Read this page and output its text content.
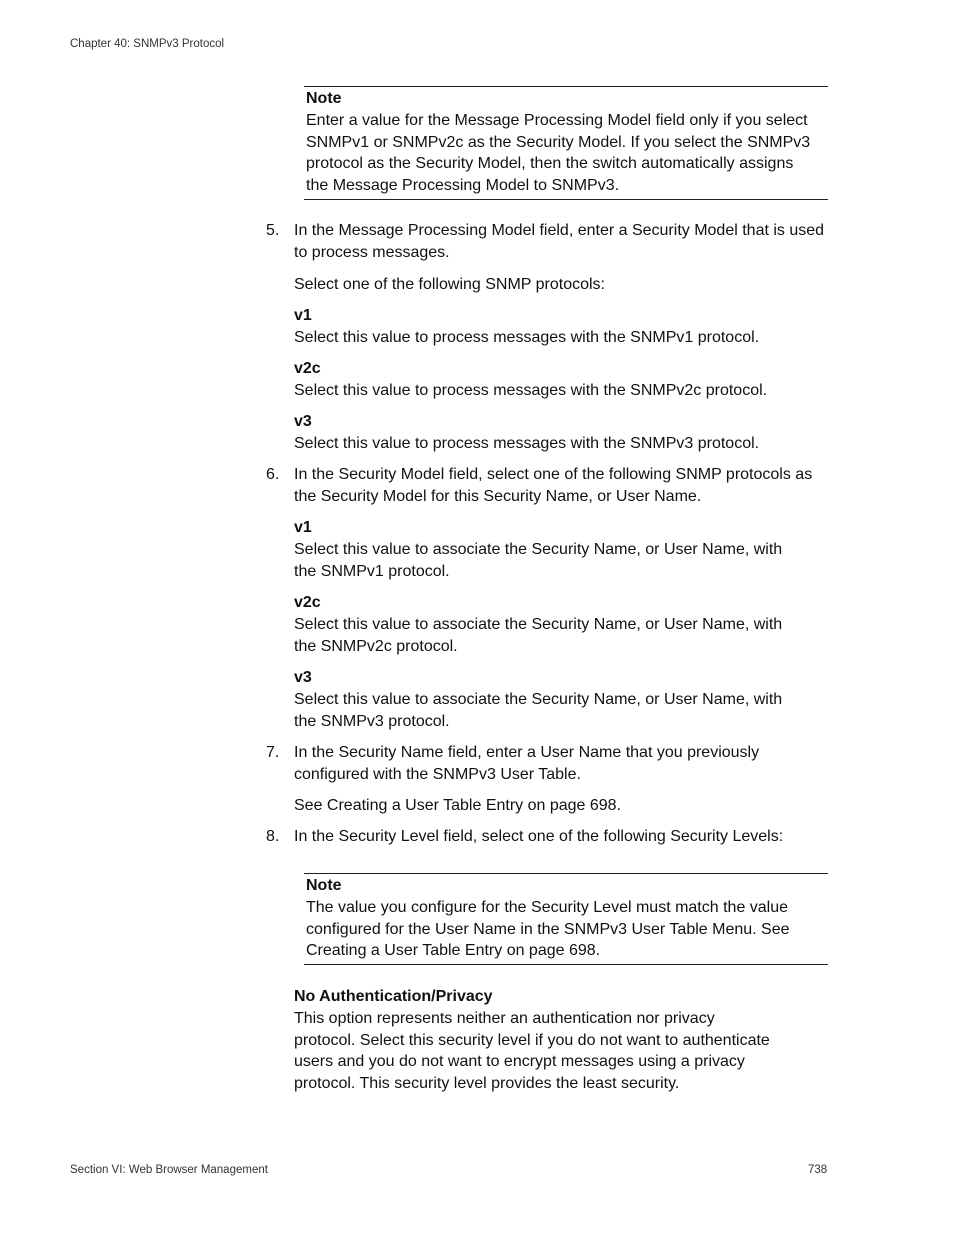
Chapter 40: SNMPv3 Protocol
Note
Enter a value for the Message Processing Model field only if you select SNMPv1 or SNMPv2c as the Security Model. If you select the SNMPv3 protocol as the Security Model, then the switch automatically assigns the Message Processing Model to SNMPv3.
5. In the Message Processing Model field, enter a Security Model that is used to process messages.
Select one of the following SNMP protocols:
v1
Select this value to process messages with the SNMPv1 protocol.
v2c
Select this value to process messages with the SNMPv2c protocol.
v3
Select this value to process messages with the SNMPv3 protocol.
6. In the Security Model field, select one of the following SNMP protocols as the Security Model for this Security Name, or User Name.
v1
Select this value to associate the Security Name, or User Name, with the SNMPv1 protocol.
v2c
Select this value to associate the Security Name, or User Name, with the SNMPv2c protocol.
v3
Select this value to associate the Security Name, or User Name, with the SNMPv3 protocol.
7. In the Security Name field, enter a User Name that you previously configured with the SNMPv3 User Table.
See Creating a User Table Entry on page 698.
8. In the Security Level field, select one of the following Security Levels:
Note
The value you configure for the Security Level must match the value configured for the User Name in the SNMPv3 User Table Menu. See Creating a User Table Entry on page 698.
No Authentication/Privacy
This option represents neither an authentication nor privacy protocol. Select this security level if you do not want to authenticate users and you do not want to encrypt messages using a privacy protocol. This security level provides the least security.
Section VI: Web Browser Management	738
